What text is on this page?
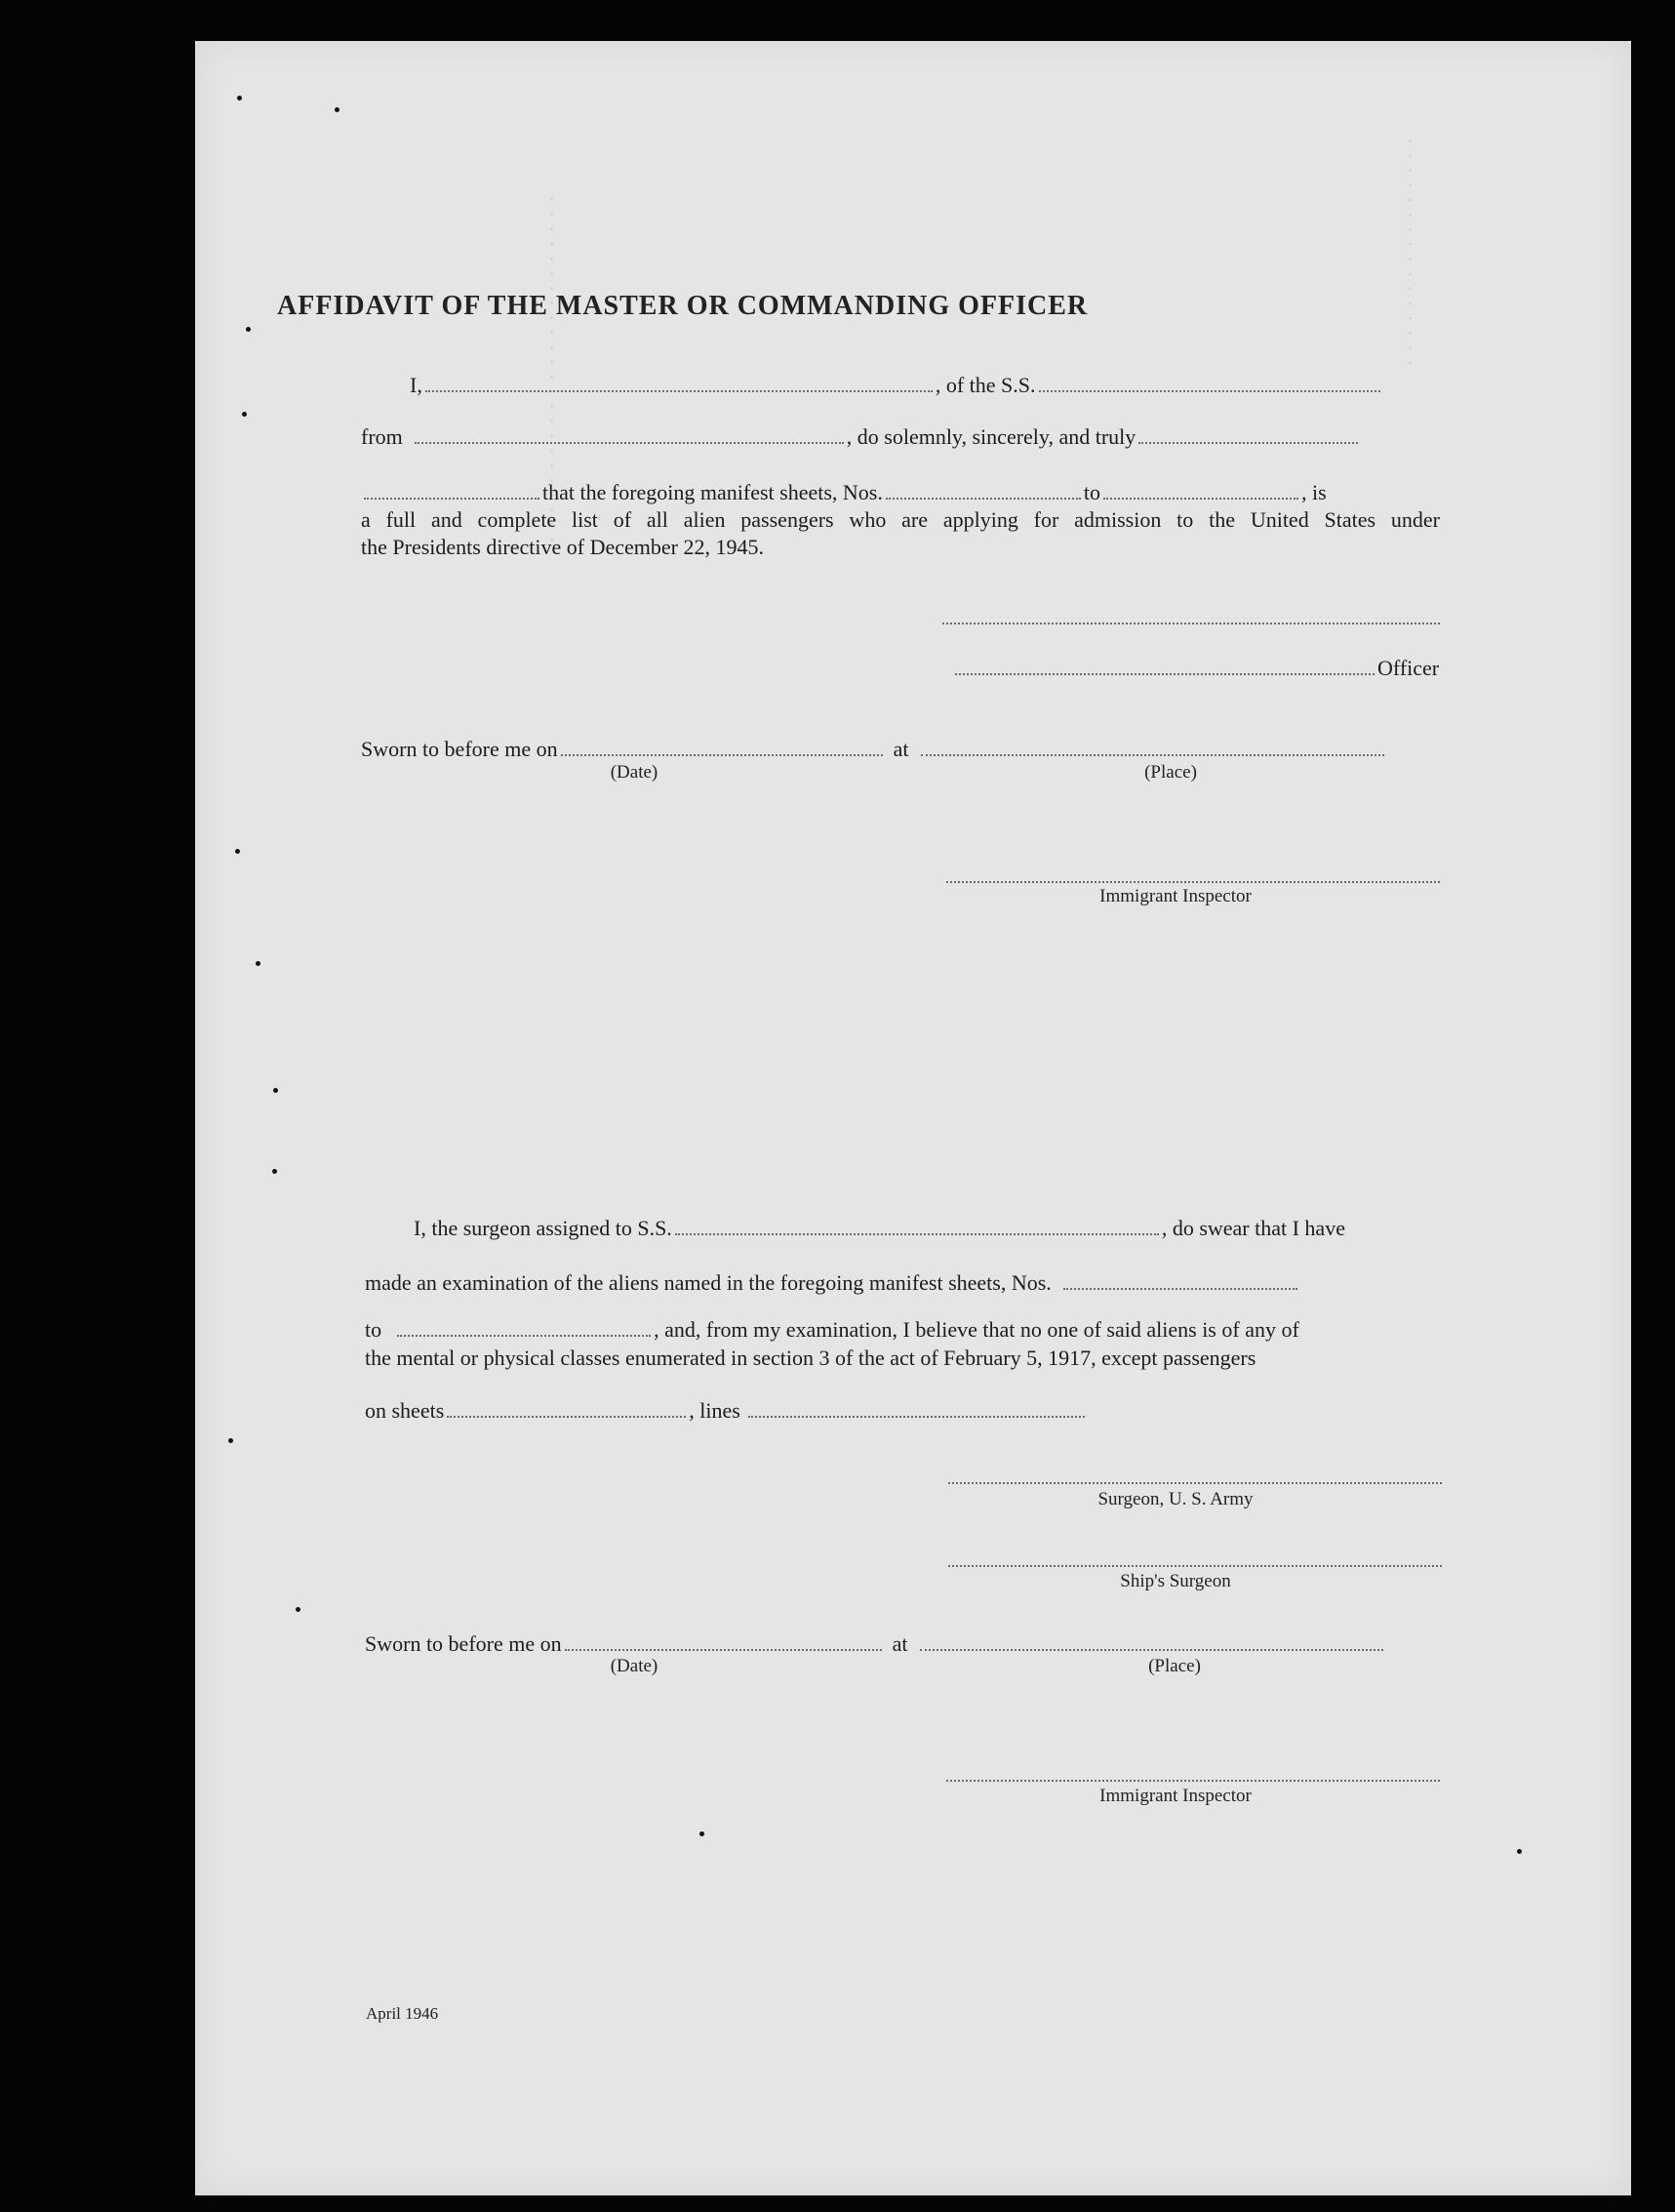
· · · · · · · · · · · · · · · · · · · · · · · ·	· · · · · · · · · · · · · · · ·
AFFIDAVIT OF THE MASTER OR COMMANDING OFFICER
I,	, of the S.S.
from	, do solemnly, sincerely, and truly
that the foregoing manifest sheets, Nos.	to	, is
a full and complete list of all alien passengers who are applying for admission to the United States under
the Presidents directive of December 22, 1945.
Officer
Sworn to before me on	at
(Date)	(Place)
Immigrant Inspector
I, the surgeon assigned to S.S.	, do swear that I have
made an examination of the aliens named in the foregoing manifest sheets, Nos.
to	, and, from my examination, I believe that no one of said aliens is of any of
the mental or physical classes enumerated in section 3 of the act of February 5, 1917, except passengers
on sheets	, lines
Surgeon, U. S. Army
Ship's Surgeon
Sworn to before me on	at
(Date)	(Place)
Immigrant Inspector
April 1946
